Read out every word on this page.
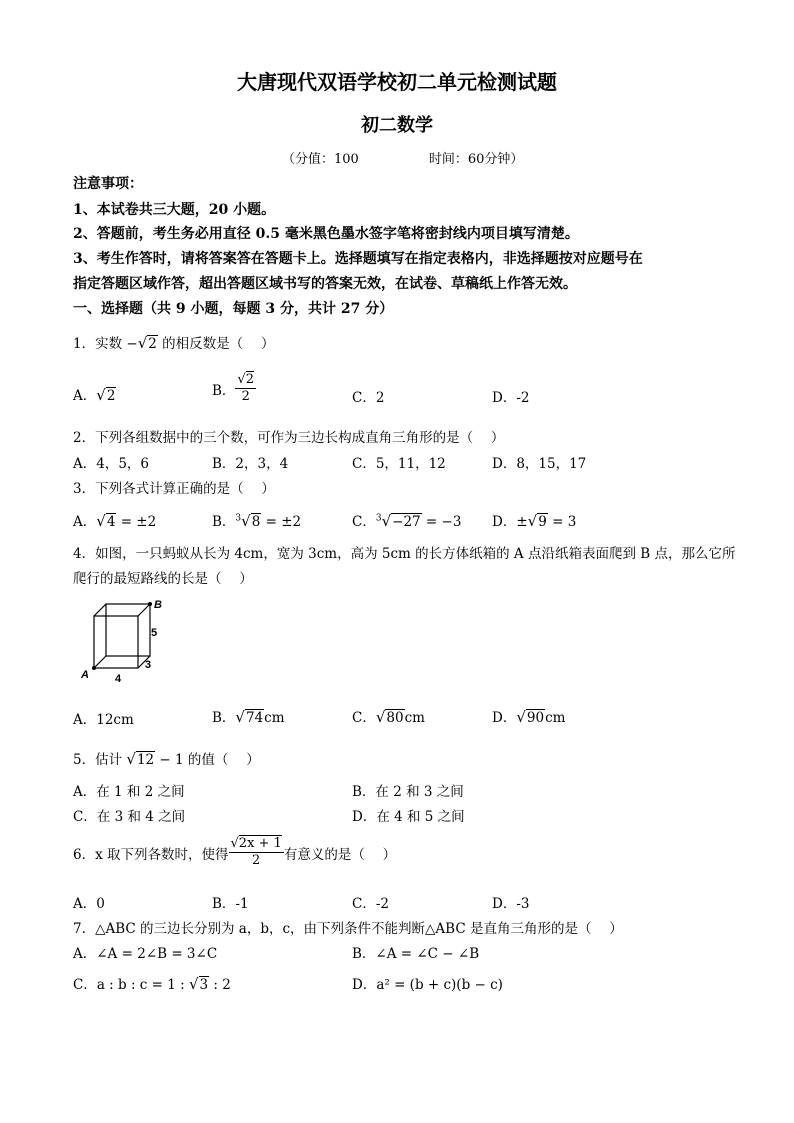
大唐现代双语学校初二单元检测试题
初二数学
（分值：100	时间：60分钟）
注意事项：
1、本试卷共三大题，20 小题。
2、答题前，考生务必用直径 0.5 毫米黑色墨水签字笔将密封线内项目填写清楚。
3、考生作答时，请将答案答在答题卡上。选择题填写在指定表格内，非选择题按对应题号在
指定答题区域作答，超出答题区域书写的答案无效，在试卷、草稿纸上作答无效。
一、选择题（共 9 小题，每题 3 分，共计 27 分）
1．实数 −√2 的相反数是（　 ）
A．√2	B． $\frac{√2}{2}$	C．2	D．-2
2．下列各组数据中的三个数，可作为三边长构成直角三角形的是（　 ）
A．4，5，6	B．2，3，4	C．5，11，12	D．8，15，17
3．下列各式计算正确的是（　 ）
A．√4 = ±2	B．$^3$√8 = ±2	C．$^3$√−27 = −3 D．±√9 = 3
4．如图，一只蚂蚁从长为 4cm，宽为 3cm，高为 5cm 的长方体纸箱的 A 点沿纸箱表面爬到 B 点，那么它所
爬行的最短路线的长是（　 ）
B
A
5
3
4
A．12cm	B．√74cm	C．√80cm	D．√90cm
5．估计 √12 − 1 的值（　 ）
A．在 1 和 2 之间	B．在 2 和 3 之间
C．在 3 和 4 之间	D．在 4 和 5 之间
6．x 取下列各数时，使得 $\frac{√2x + 1}{2}$ 有意义的是（　 ）
A．0	B．-1	C．-2	D．-3
7．△ABC 的三边长分别为 a，b，c，由下列条件不能判断△ABC 是直角三角形的是（　 ）
A．∠A = 2∠B = 3∠C	B．∠A = ∠C − ∠B
C．a : b : c = 1 : √3 : 2	D．a² = (b + c)(b − c)
